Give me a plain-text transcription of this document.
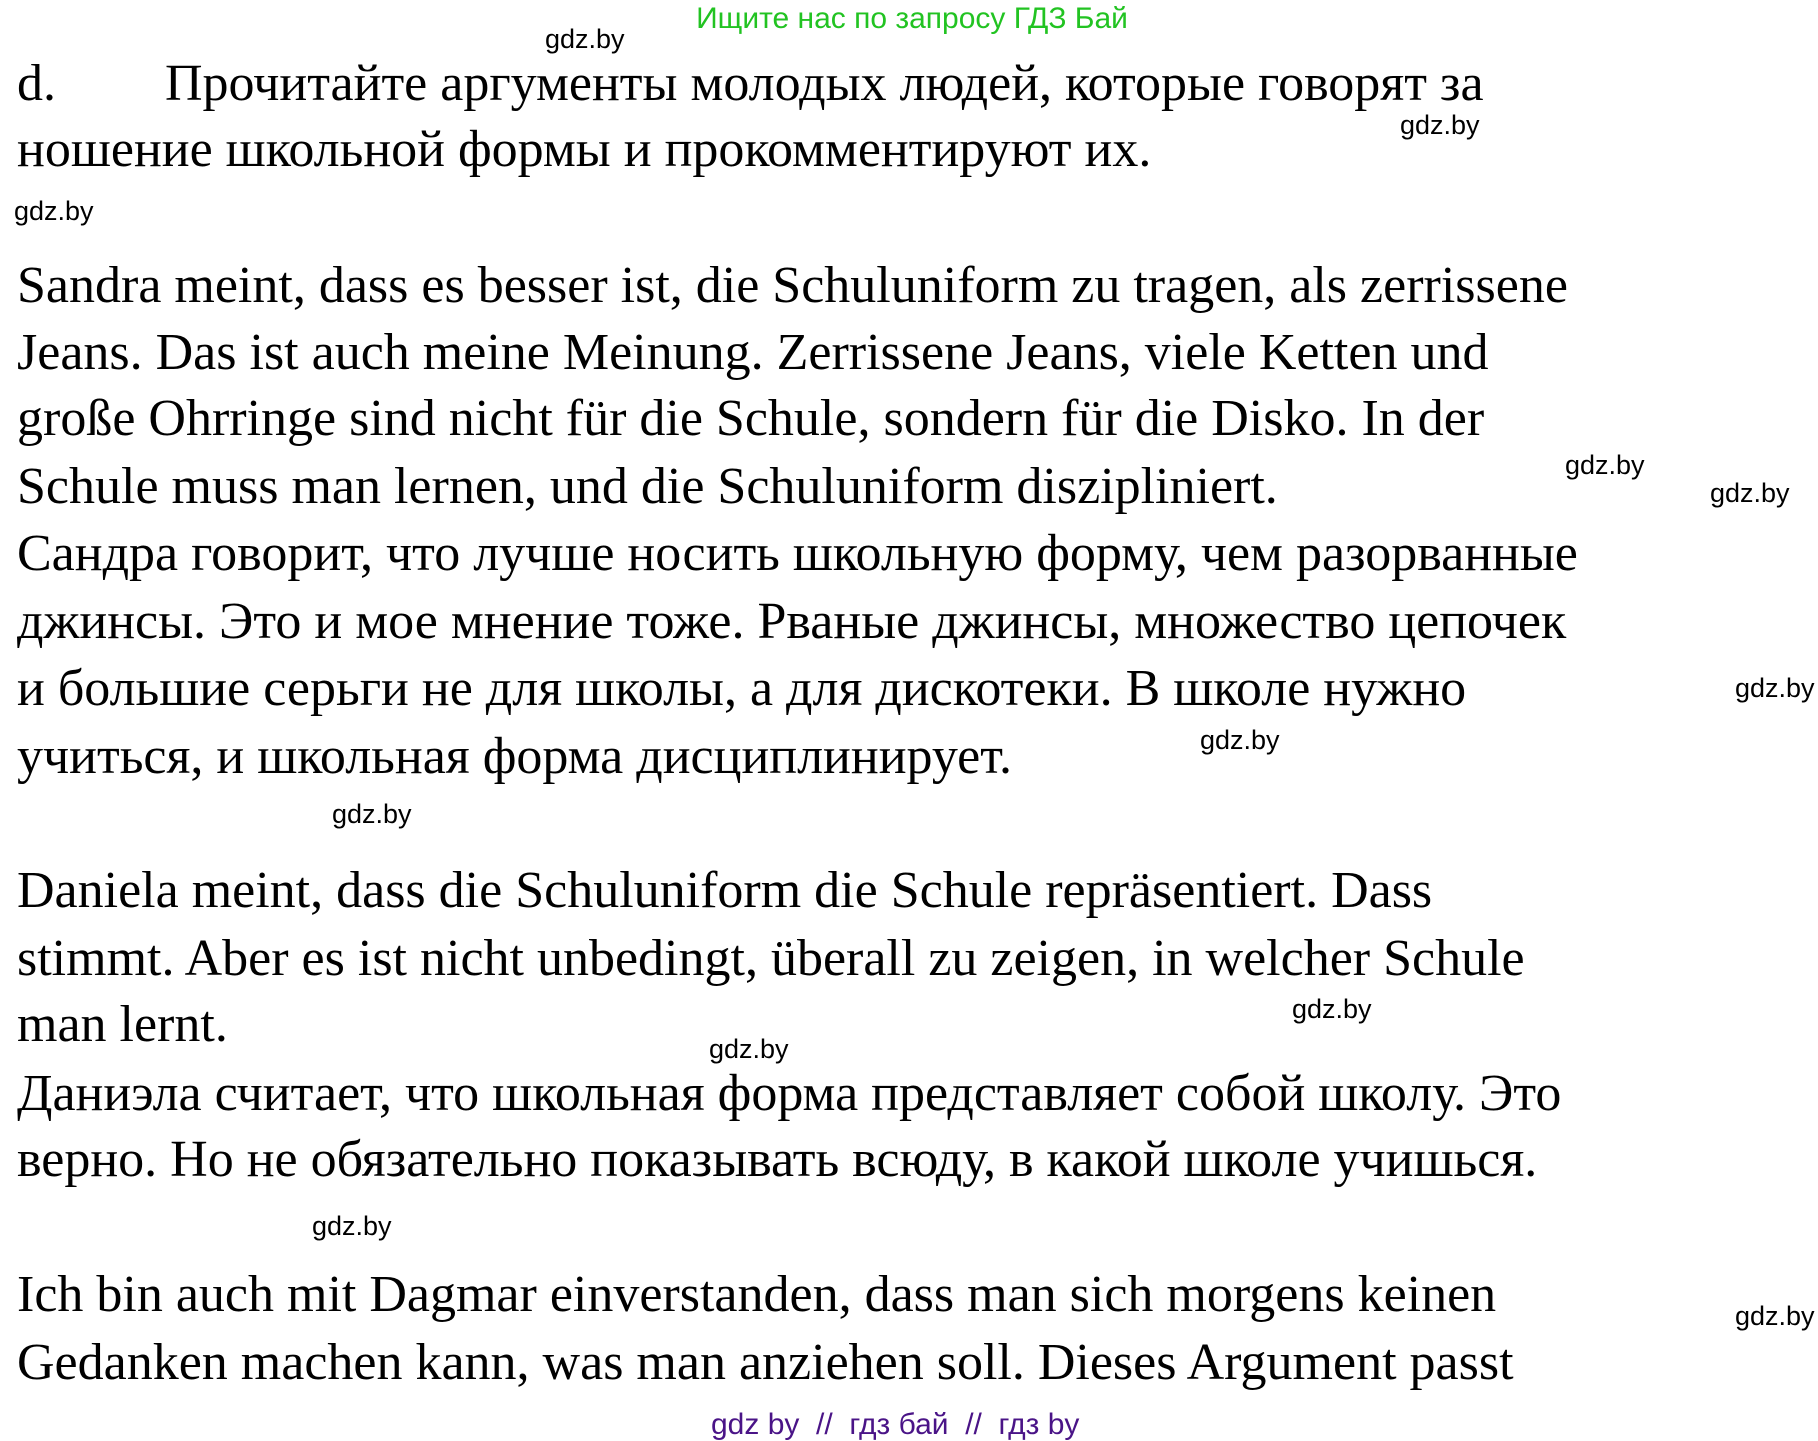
Ищите нас по запросу ГДЗ Бай
d. Прочитайте аргументы молодых людей, которые говорят за
ношение школьной формы и прокомментируют их.
Sandra meint, dass es besser ist, die Schuluniform zu tragen, als zerrissene
Jeans. Das ist auch meine Meinung. Zerrissene Jeans, viele Ketten und
große Ohrringe sind nicht für die Schule, sondern für die Disko. In der
Schule muss man lernen, und die Schuluniform diszipliniert.
Сандра говорит, что лучше носить школьную форму, чем разорванные
джинсы. Это и мое мнение тоже. Рваные джинсы, множество цепочек
и большие серьги не для школы, а для дискотеки. В школе нужно
учиться, и школьная форма дисциплинирует.
Daniela meint, dass die Schuluniform die Schule repräsentiert. Dass
stimmt. Aber es ist nicht unbedingt, überall zu zeigen, in welcher Schule
man lernt.
Даниэла считает, что школьная форма представляет собой школу. Это
верно. Но не обязательно показывать всюду, в какой школе учишься.
Ich bin auch mit Dagmar einverstanden, dass man sich morgens keinen
Gedanken machen kann, was man anziehen soll. Dieses Argument passt
gdz.by
gdz.by
gdz.by
gdz.by
gdz.by
gdz.by
gdz.by
gdz.by
gdz.by
gdz.by
gdz.by
gdz.by
gdz by  //  гдз бай  //  гдз by
